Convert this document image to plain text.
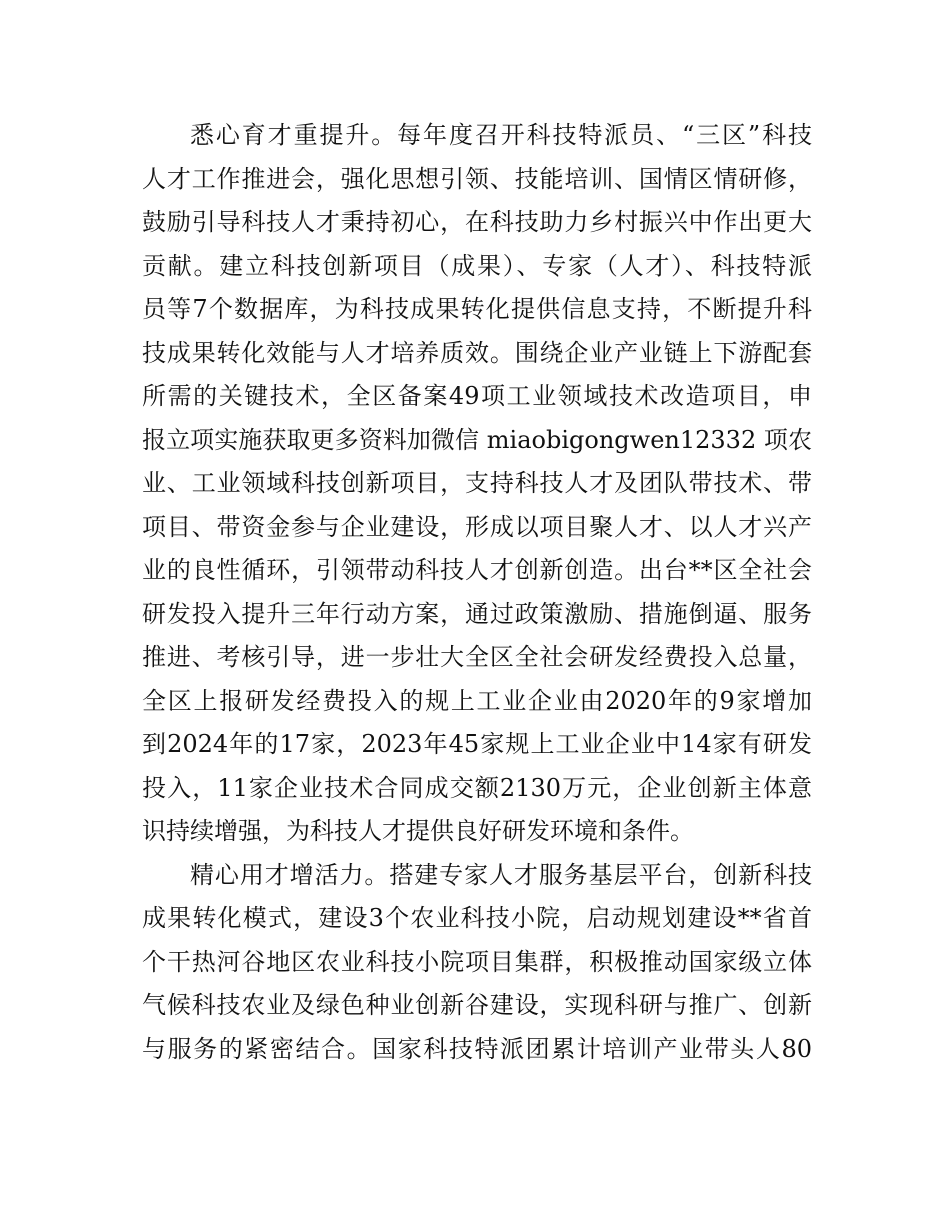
悉心育才重提升。每年度召开科技特派员、“三区”科技
人才工作推进会，强化思想引领、技能培训、国情区情研修，
鼓励引导科技人才秉持初心，在科技助力乡村振兴中作出更大
贡献。建立科技创新项目（成果）、专家（人才）、科技特派
员等7个数据库，为科技成果转化提供信息支持，不断提升科
技成果转化效能与人才培养质效。围绕企业产业链上下游配套
所需的关键技术，全区备案49项工业领域技术改造项目，申
报立项实施获取更多资料加微信 miaobigongwen12332 项农
业、工业领域科技创新项目，支持科技人才及团队带技术、带
项目、带资金参与企业建设，形成以项目聚人才、以人才兴产
业的良性循环，引领带动科技人才创新创造。出台**区全社会
研发投入提升三年行动方案，通过政策激励、措施倒逼、服务
推进、考核引导，进一步壮大全区全社会研发经费投入总量，
全区上报研发经费投入的规上工业企业由2020年的9家增加
到2024年的17家，2023年45家规上工业企业中14家有研发
投入，11家企业技术合同成交额2130万元，企业创新主体意
识持续增强，为科技人才提供良好研发环境和条件。
精心用才增活力。搭建专家人才服务基层平台，创新科技
成果转化模式，建设3个农业科技小院，启动规划建设**省首
个干热河谷地区农业科技小院项目集群，积极推动国家级立体
气候科技农业及绿色种业创新谷建设，实现科研与推广、创新
与服务的紧密结合。国家科技特派团累计培训产业带头人80
